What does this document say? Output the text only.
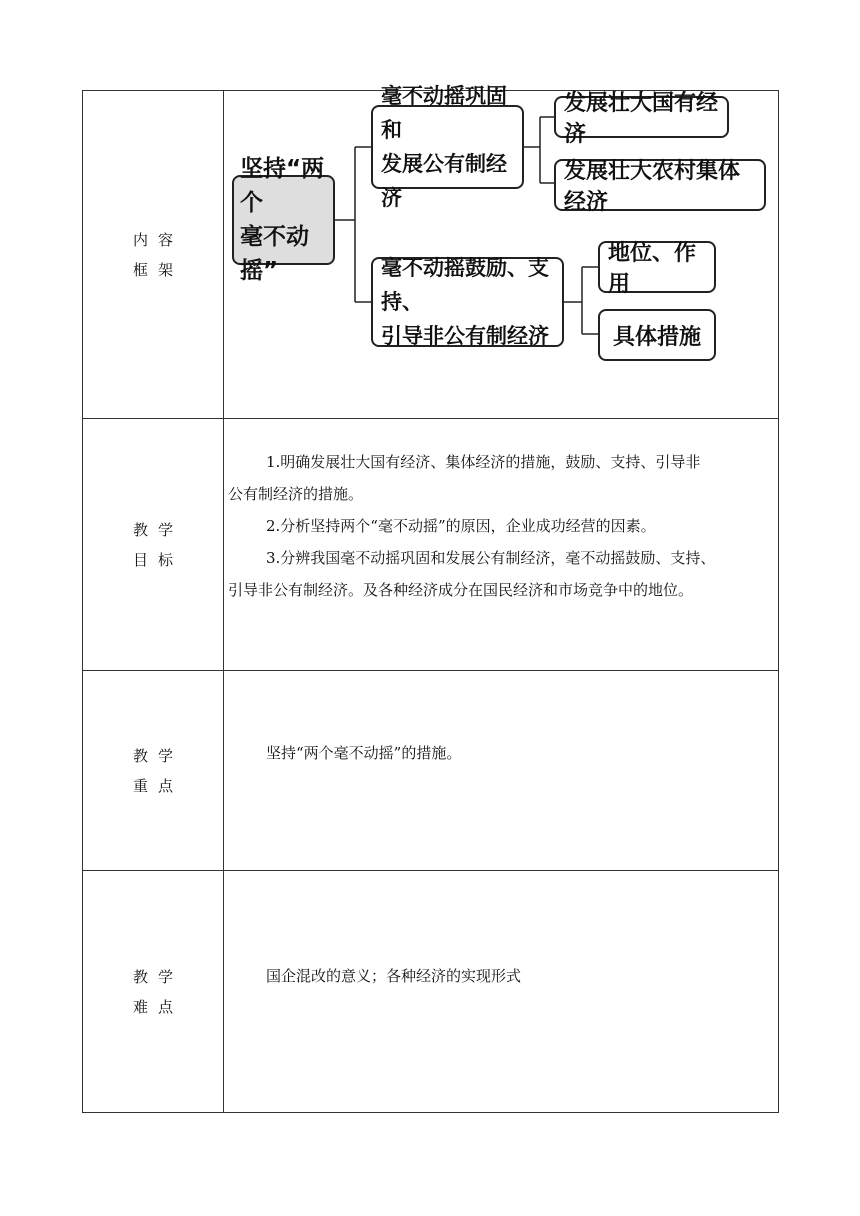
内容
框架
坚持“两个
毫不动摇”
毫不动摇巩固和
发展公有制经济
发展壮大国有经济
发展壮大农村集体经济
毫不动摇鼓励、支持、
引导非公有制经济
地位、作用
具体措施
教学
目标

1.明确发展壮大国有经济、集体经济的措施，鼓励、支持、引导非

公有制经济的措施。

2.分析坚持两个“毫不动摇”的原因，企业成功经营的因素。

3.分辨我国毫不动摇巩固和发展公有制经济，毫不动摇鼓励、支持、

引导非公有制经济。及各种经济成分在国民经济和市场竞争中的地位。

教学
重点

坚持“两个毫不动摇”的措施。

教学
难点

国企混改的意义；各种经济的实现形式
